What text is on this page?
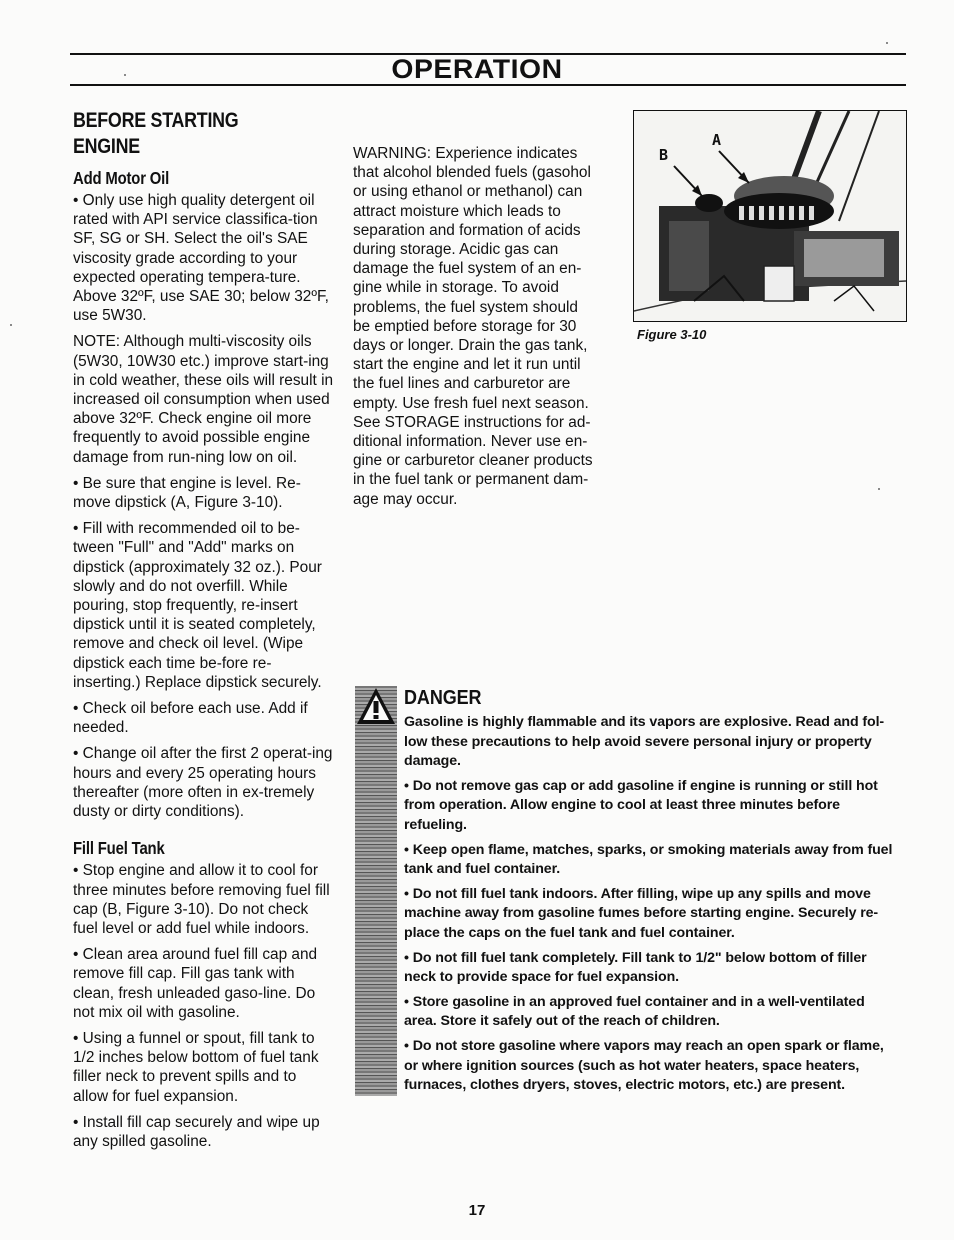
OPERATION
BEFORE STARTING ENGINE
Add Motor Oil

• Only use high quality detergent oil rated with API service classifica-tion SF, SG or SH. Select the oil's SAE viscosity grade according to your expected operating tempera-ture. Above 32ºF, use SAE 30; below 32ºF, use 5W30.

NOTE: Although multi-viscosity oils (5W30, 10W30 etc.) improve start-ing in cold weather, these oils will result in increased oil consumption when used above 32ºF. Check engine oil more frequently to avoid possible engine damage from run-ning low on oil.

• Be sure that engine is level. Re-move dipstick (A, Figure 3-10).

• Fill with recommended oil to be-tween "Full" and "Add" marks on dipstick (approximately 32 oz.). Pour slowly and do not overfill. While pouring, stop frequently, re-insert dipstick until it is seated completely, remove and check oil level. (Wipe dipstick each time be-fore re-inserting.) Replace dipstick securely.

• Check oil before each use. Add if needed.

• Change oil after the first 2 operat-ing hours and every 25 operating hours thereafter (more often in ex-tremely dusty or dirty conditions).

Fill Fuel Tank

• Stop engine and allow it to cool for three minutes before removing fuel fill cap (B, Figure 3-10). Do not check fuel level or add fuel while indoors.

• Clean area around fuel fill cap and remove fill cap. Fill gas tank with clean, fresh unleaded gaso-line. Do not mix oil with gasoline.

• Using a funnel or spout, fill tank to 1/2 inches below bottom of fuel tank filler neck to prevent spills and to allow for fuel expansion.

• Install fill cap securely and wipe up any spilled gasoline.

WARNING: Experience indicates that alcohol blended fuels (gasohol or using ethanol or methanol) can attract moisture which leads to separation and formation of acids during storage. Acidic gas can damage the fuel system of an en-gine while in storage. To avoid problems, the fuel system should be emptied before storage for 30 days or longer. Drain the gas tank, start the engine and let it run until the fuel lines and carburetor are empty. Use fresh fuel next season. See STORAGE instructions for ad-ditional information. Never use en-gine or carburetor cleaner products in the fuel tank or permanent dam-age may occur.

A
B
Figure 3-10

DANGER

Gasoline is highly flammable and its vapors are explosive. Read and fol-low these precautions to help avoid severe personal injury or property damage.

• Do not remove gas cap or add gasoline if engine is running or still hot from operation. Allow engine to cool at least three minutes before refueling.

• Keep open flame, matches, sparks, or smoking materials away from fuel tank and fuel container.

• Do not fill fuel tank indoors. After filling, wipe up any spills and move machine away from gasoline fumes before starting engine. Securely re-place the caps on the fuel tank and fuel container.

• Do not fill fuel tank completely. Fill tank to 1/2" below bottom of filler neck to provide space for fuel expansion.

• Store gasoline in an approved fuel container and in a well-ventilated area. Store it safely out of the reach of children.

• Do not store gasoline where vapors may reach an open spark or flame, or where ignition sources (such as hot water heaters, space heaters, furnaces, clothes dryers, stoves, electric motors, etc.) are present.

17
